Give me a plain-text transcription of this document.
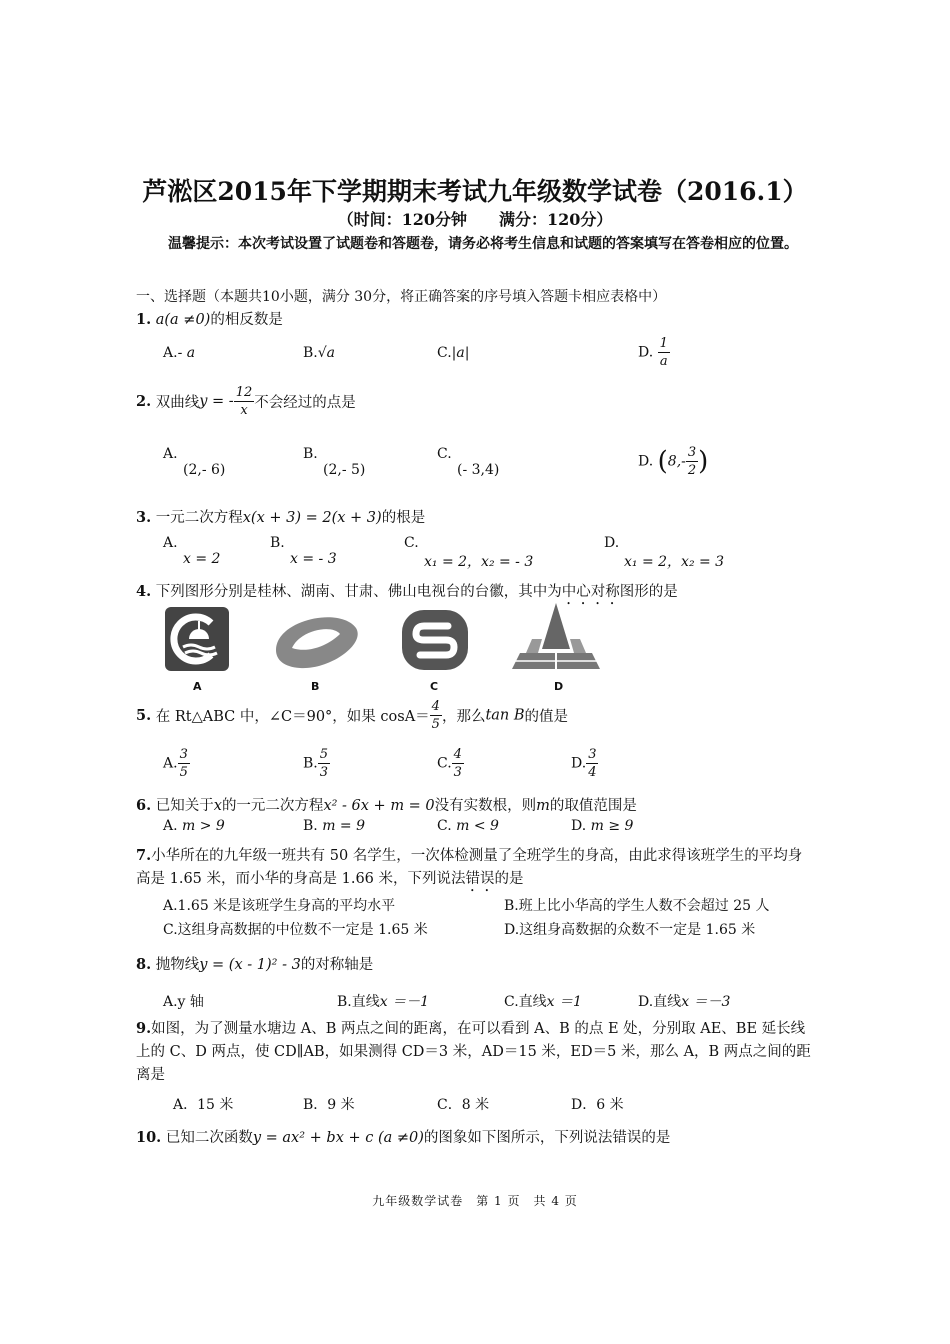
芦淞区2015年下学期期末考试九年级数学试卷（2016.1）
（时间：120分钟　　满分：120分）
温馨提示：本次考试设置了试题卷和答题卷，请务必将考生信息和试题的答案填写在答卷相应的位置。
一、选择题（本题共10小题，满分 30分，将正确答案的序号填入答题卡相应表格中）
1. a(a ≠0)的相反数是
A.- a	B.√a	C.|a|	D. $\frac{1}{a}$
2. 双曲线y = - $\frac{12}{x}$ 不会经过的点是
A.
(2,- 6)
B.
(2,- 5)
C.
(- 3,4)
D. ($8,- \frac{3}{2}$ )
3. 一元二次方程x(x + 3) = 2(x + 3)的根是
A.
x = 2
B.
x = - 3
C.
x₁ = 2，x₂ = - 3
D.
x₁ = 2，x₂ = 3
4. 下列图形分别是桂林、湖南、甘肃、佛山电视台的台徽，其中为中心对称图形的是
A	B	C	D
5. 在 Rt△ABC 中，∠C＝90°，如果 $\cos A= \frac{4}{5}$ ，那么tan B的值是
A. $\frac{3}{5}$	B. $\frac{5}{3}$	C. $\frac{4}{3}$	D. $\frac{3}{4}$
6. 已知关于x的一元二次方程x² - 6x + m = 0没有实数根，则m的取值范围是
A. m > 9	B. m = 9	C. m < 9	D. m ≥ 9
7.小华所在的九年级一班共有 50 名学生，一次体检测量了全班学生的身高，由此求得该班学生的平均身高是 1.65 米，而小华的身高是 1.66 米，下列说法错误的是
A.1.65 米是该班学生身高的平均水平	B.班上比小华高的学生人数不会超过 25 人
C.这组身高数据的中位数不一定是 1.65 米	D.这组身高数据的众数不一定是 1.65 米
8. 抛物线y = (x - 1)² - 3的对称轴是
A.y 轴	B.直线x ＝－1	C.直线x ＝1	D.直线x ＝－3
9.如图，为了测量水塘边 A、B 两点之间的距离，在可以看到 A、B 的点 E 处，分别取 AE、BE 延长线上的 C、D 两点，使 CD∥AB，如果测得 CD＝3 米，AD＝15 米，ED＝5 米，那么 A，B 两点之间的距离是
A．15 米	B．9 米	C．8 米	D．6 米
10. 已知二次函数y = ax² + bx + c (a ≠0)的图象如下图所示，下列说法错误的是
九年级数学试卷　第 1 页　共 4 页
